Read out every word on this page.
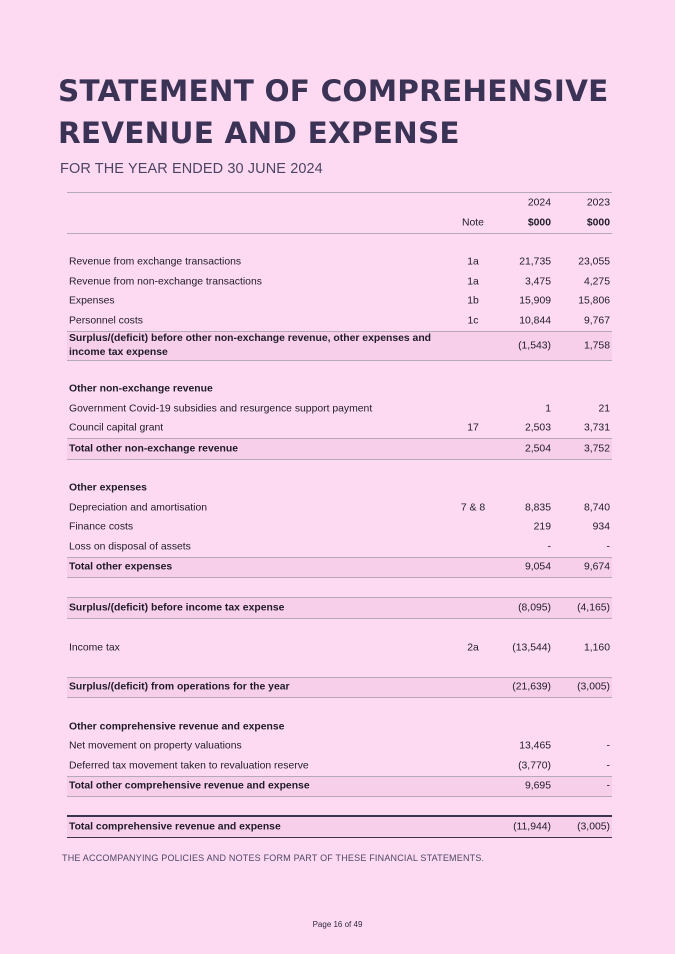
STATEMENT OF COMPREHENSIVE
REVENUE AND EXPENSE
FOR THE YEAR ENDED 30 JUNE 2024
2024	2023
Note	$000	$000
Revenue from exchange transactions	1a	21,735	23,055
Revenue from non-exchange transactions	1a	3,475	4,275
Expenses	1b	15,909	15,806
Personnel costs	1c	10,844	9,767
Surplus/(deficit) before other non-exchange revenue, other expenses and
income tax expense
(1,543)	1,758
Other non-exchange revenue
Government Covid-19 subsidies and resurgence support payment	1	21
Council capital grant	17	2,503	3,731
Total other non-exchange revenue	2,504	3,752
Other expenses
Depreciation and amortisation	7 & 8	8,835	8,740
Finance costs	219	934
Loss on disposal of assets	-	-
Total other expenses	9,054	9,674
Surplus/(deficit) before income tax expense	(8,095)	(4,165)
Income tax	2a	(13,544)	1,160
Surplus/(deficit) from operations for the year	(21,639)	(3,005)
Other comprehensive revenue and expense
Net movement on property valuations	13,465	-
Deferred tax movement taken to revaluation reserve	(3,770)	-
Total other comprehensive revenue and expense	9,695	-
Total comprehensive revenue and expense	(11,944)	(3,005)
THE ACCOMPANYING POLICIES AND NOTES FORM PART OF THESE FINANCIAL STATEMENTS.
Page 16 of 49
